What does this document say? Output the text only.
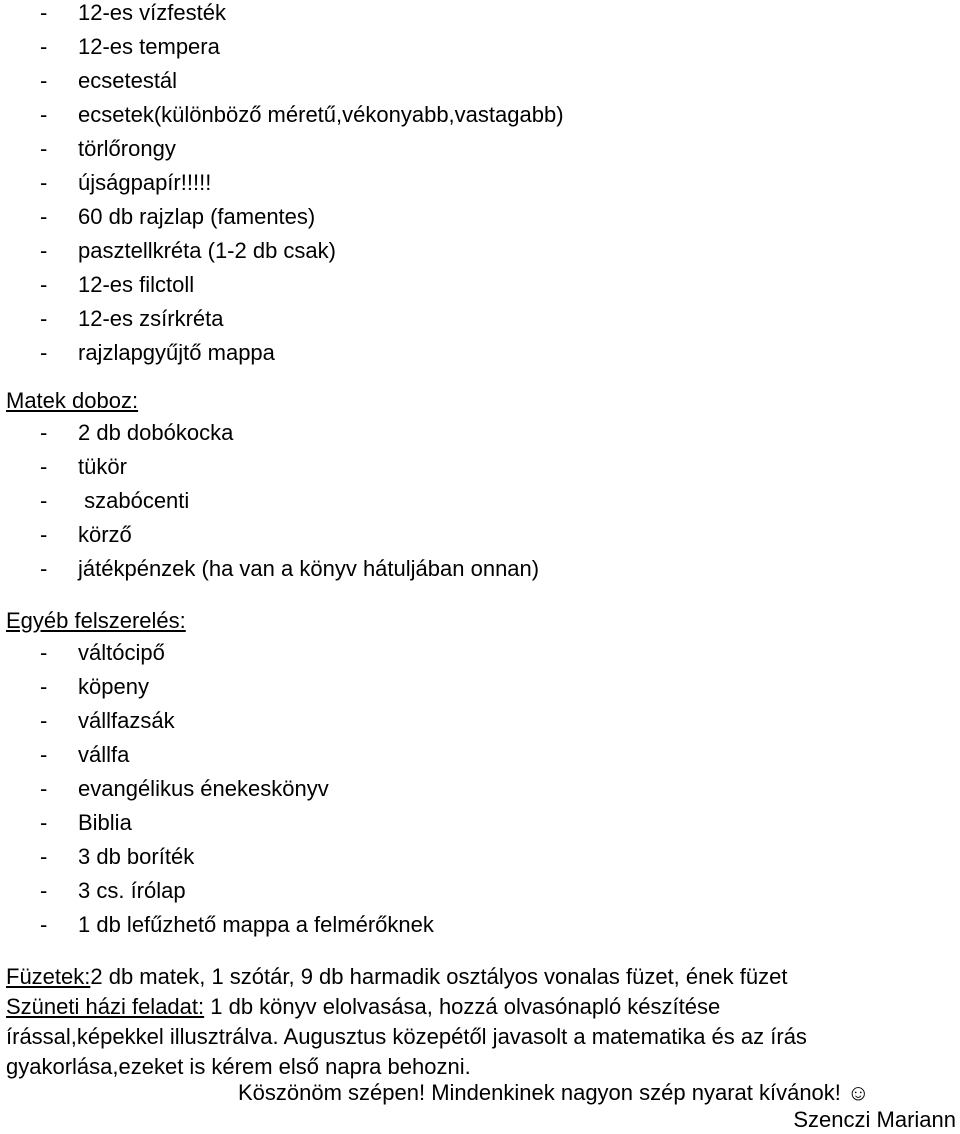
- 12-es vízfesték
- 12-es tempera
- ecsetestál
- ecsetek(különböző méretű,vékonyabb,vastagabb)
- törlőrongy
- újságpapír!!!!!
- 60 db rajzlap (famentes)
- pasztellkréta (1-2 db csak)
- 12-es filctoll
- 12-es zsírkréta
- rajzlapgyűjtő mappa
Matek doboz:
- 2 db dobókocka
- tükör
- szabócenti
- körző
- játékpénzek (ha van a könyv hátuljában onnan)
Egyéb felszerelés:
- váltócipő
- köpeny
- vállfazsák
- vállfa
- evangélikus énekeskönyv
- Biblia
- 3 db boríték
- 3 cs. írólap
- 1 db lefűzhető mappa a felmérőknek

Füzetek:2 db matek, 1 szótár, 9 db harmadik osztályos vonalas füzet, ének füzet

Szüneti házi feladat: 1 db könyv elolvasása, hozzá olvasónapló készítése

írással,képekkel illusztrálva. Augusztus közepétől javasolt a matematika és az írás

gyakorlása,ezeket is kérem első napra behozni.

Köszönöm szépen! Mindenkinek nagyon szép nyarat kívánok! ☺
Szenczi Mariann
